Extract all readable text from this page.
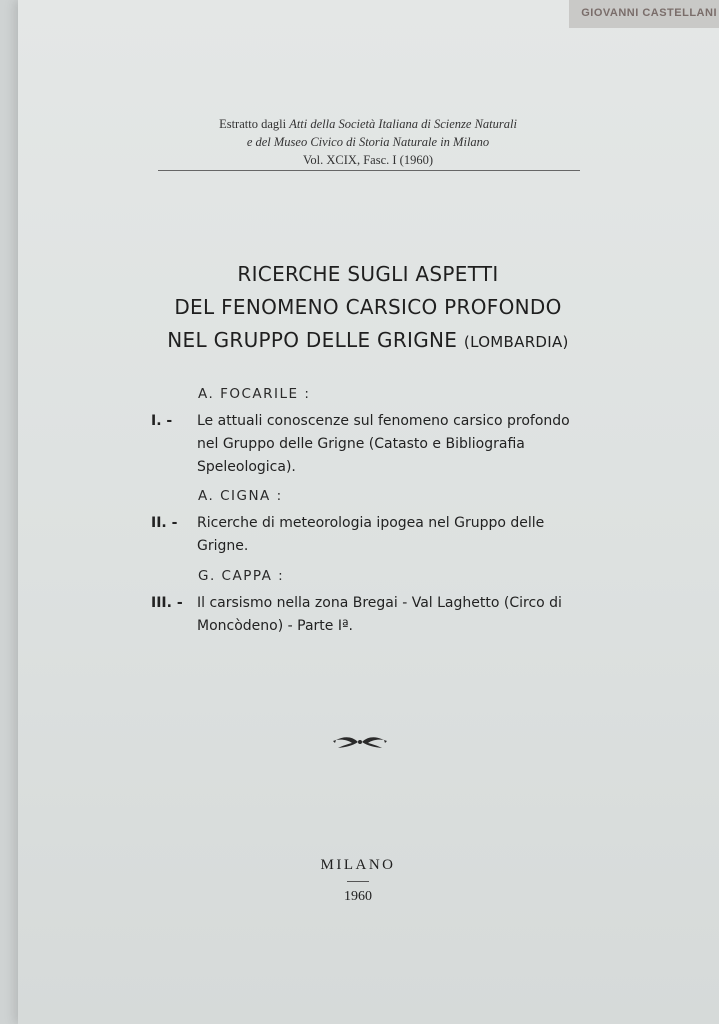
GIOVANNI CASTELLANI
Estratto dagli Atti della Società Italiana di Scienze Naturali
e del Museo Civico di Storia Naturale in Milano
Vol. XCIX, Fasc. I (1960)
RICERCHE SUGLI ASPETTI
DEL FENOMENO CARSICO PROFONDO
NEL GRUPPO DELLE GRIGNE (LOMBARDIA)
A. FOCARILE :
I. - Le attuali conoscenze sul fenomeno carsico profondo nel Gruppo delle Grigne (Catasto e Bibliografia Speleologica).
A. CIGNA :
II. - Ricerche di meteorologia ipogea nel Gruppo delle Grigne.
G. CAPPA :
III. - Il carsismo nella zona Bregai - Val Laghetto (Circo di Moncòdeno) - Parte Iª.
MILANO
1960
